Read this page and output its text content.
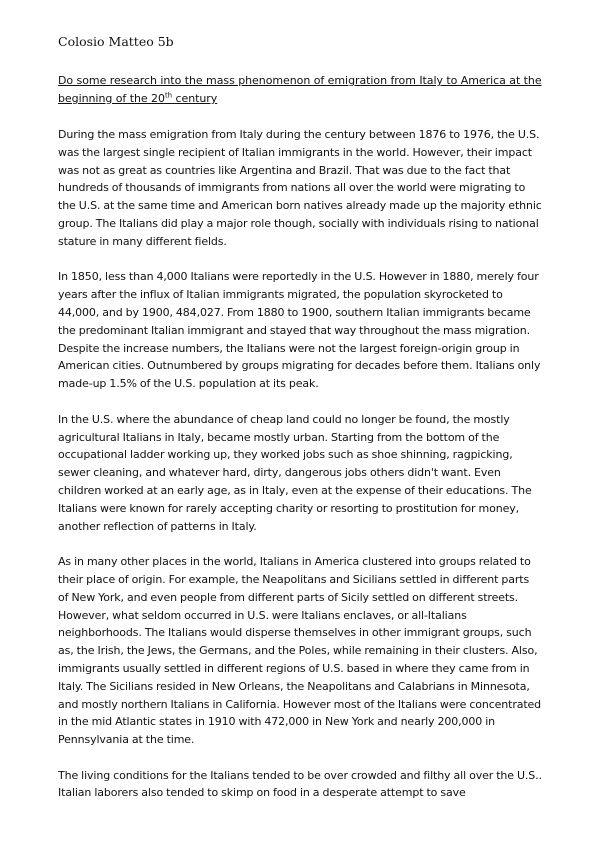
Colosio Matteo 5b
Do some research into the mass phenomenon of emigration from Italy to America at the beginning of the 20th century

During the mass emigration from Italy during the century between 1876 to 1976, the U.S. was the largest single recipient of Italian immigrants in the world. However, their impact was not as great as countries like Argentina and Brazil. That was due to the fact that hundreds of thousands of immigrants from nations all over the world were migrating to the U.S. at the same time and American born natives already made up the majority ethnic group. The Italians did play a major role though, socially with individuals rising to national stature in many different fields.

In 1850, less than 4,000 Italians were reportedly in the U.S. However in 1880, merely four years after the influx of Italian immigrants migrated, the population skyrocketed to 44,000, and by 1900, 484,027. From 1880 to 1900, southern Italian immigrants became the predominant Italian immigrant and stayed that way throughout the mass migration. Despite the increase numbers, the Italians were not the largest foreign-origin group in American cities. Outnumbered by groups migrating for decades before them. Italians only made-up 1.5% of the U.S. population at its peak.

In the U.S. where the abundance of cheap land could no longer be found, the mostly agricultural Italians in Italy, became mostly urban. Starting from the bottom of the occupational ladder working up, they worked jobs such as shoe shinning, ragpicking, sewer cleaning, and whatever hard, dirty, dangerous jobs others didn't want. Even children worked at an early age, as in Italy, even at the expense of their educations. The Italians were known for rarely accepting charity or resorting to prostitution for money, another reflection of patterns in Italy.

As in many other places in the world, Italians in America clustered into groups related to their place of origin. For example, the Neapolitans and Sicilians settled in different parts of New York, and even people from different parts of Sicily settled on different streets. However, what seldom occurred in U.S. were Italians enclaves, or all-Italians neighborhoods. The Italians would disperse themselves in other immigrant groups, such as, the Irish, the Jews, the Germans, and the Poles, while remaining in their clusters. Also, immigrants usually settled in different regions of U.S. based in where they came from in Italy. The Sicilians resided in New Orleans, the Neapolitans and Calabrians in Minnesota, and mostly northern Italians in California. However most of the Italians were concentrated in the mid Atlantic states in 1910 with 472,000 in New York and nearly 200,000 in Pennsylvania at the time.

The living conditions for the Italians tended to be over crowded and filthy all over the U.S.. Italian laborers also tended to skimp on food in a desperate attempt to save
